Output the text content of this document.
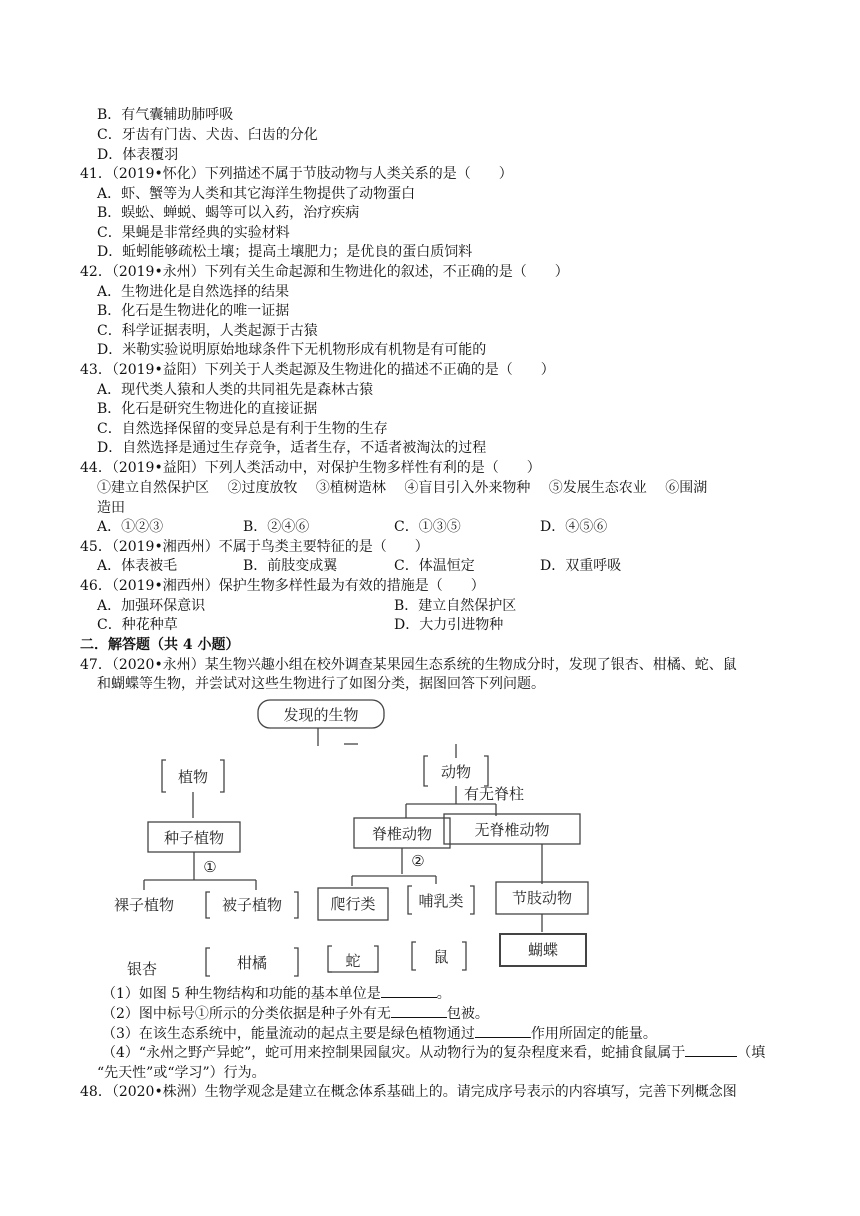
B．有气囊辅助肺呼吸
C．牙齿有门齿、犬齿、臼齿的分化
D．体表覆羽
41．（2019•怀化）下列描述不属于节肢动物与人类关系的是（　　）
A．虾、蟹等为人类和其它海洋生物提供了动物蛋白
B．蜈蚣、蝉蜕、蝎等可以入药，治疗疾病
C．果蝇是非常经典的实验材料
D．蚯蚓能够疏松土壤；提高土壤肥力；是优良的蛋白质饲料
42．（2019•永州）下列有关生命起源和生物进化的叙述，不正确的是（　　）
A．生物进化是自然选择的结果
B．化石是生物进化的唯一证据
C．科学证据表明，人类起源于古猿
D．米勒实验说明原始地球条件下无机物形成有机物是有可能的
43．（2019•益阳）下列关于人类起源及生物进化的描述不正确的是（　　）
A．现代类人猿和人类的共同祖先是森林古猿
B．化石是研究生物进化的直接证据
C．自然选择保留的变异总是有利于生物的生存
D．自然选择是通过生存竞争，适者生存，不适者被淘汰的过程
44．（2019•益阳）下列人类活动中，对保护生物多样性有利的是（　　）
①建立自然保护区　 ②过度放牧　 ③植树造林　 ④盲目引入外来物种　 ⑤发展生态农业　 ⑥围湖
造田
A．①②③	B．②④⑥	C．①③⑤	D．④⑤⑥
45．（2019•湘西州）不属于鸟类主要特征的是（　　）
A．体表被毛	B．前肢变成翼	C．体温恒定	D．双重呼吸
46．（2019•湘西州）保护生物多样性最为有效的措施是（　　）
A．加强环保意识	B．建立自然保护区
C．种花种草	D．大力引进物种
二．解答题（共 4 小题）
47．（2020•永州）某生物兴趣小组在校外调查某果园生态系统的生物成分时，发现了银杏、柑橘、蛇、鼠
和蝴蝶等生物，并尝试对这些生物进行了如图分类，据图回答下列问题。
发现的生物
植物	动物
有无脊柱
种子植物
①
脊椎动物
②
无脊椎动物
裸子植物	被子植物	爬行类	哺乳类	节肢动物
银杏	柑橘	蛇	鼠	蝴蝶
（1）如图 5 种生物结构和功能的基本单位是	。
（2）图中标号①所示的分类依据是种子外有无	包被。
（3）在该生态系统中，能量流动的起点主要是绿色植物通过	作用所固定的能量。
（4）“永州之野产异蛇”，蛇可用来控制果园鼠灾。从动物行为的复杂程度来看，蛇捕食鼠属于	（填
“先天性”或“学习”）行为。
48．（2020•株洲）生物学观念是建立在概念体系基础上的。请完成序号表示的内容填写，完善下列概念图
